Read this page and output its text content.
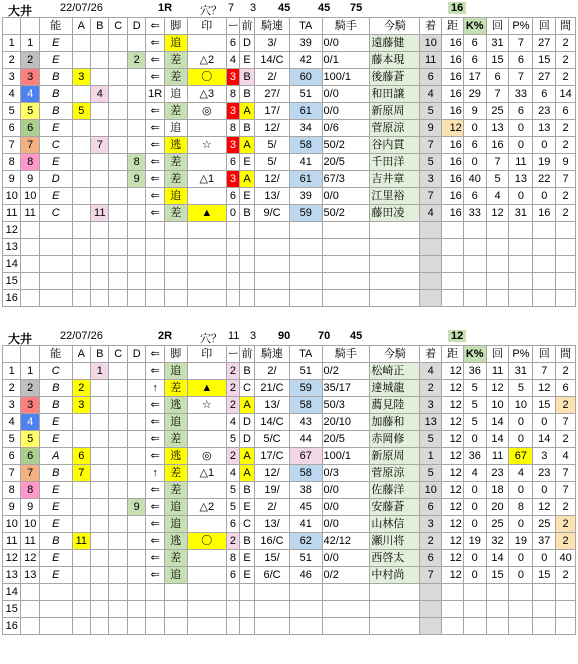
大井	22/07/26	1R	穴？ 7 3 45	45 75	16
		能	A	B	C	D	⇐	脚	印	ー	前	騎連	TA	騎手	今騎	着	距	K%	回	P%	回	間
1	1	E					⇐	追		6	D	3/	39	0/0	遠藤健	10	16	6	31	7	27	2
2	2	E				2	⇐	差	△2	4	E	14/C	42	0/1	藤本現	11	16	6	15	6	15	2
3	3	B	3				⇐	差	〇	3	B	2/	60	100/1	後藤蒼	6	16	17	6	7	27	2
4	4	B		4			1R	追	△3	8	B	27/	51	0/0	和田譲	4	16	29	7	33	6	14
5	5	B	5				⇐	差	◎	3	A	17/	61	0/0	新原周	5	16	9	25	6	23	6
6	6	E					⇐	追		8	B	12/	34	0/6	菅原涼	9	12	0	13	0	13	2
7	7	C		7			⇐	逃	☆	3	A	5/	58	50/2	谷内貫	7	16	6	16	0	0	2
8	8	E				8	⇐	差		6	E	5/	41	20/5	千田洋	5	16	0	7	11	19	9
9	9	D				9	⇐	差	△1	3	A	12/	61	67/3	吉井章	3	16	40	5	13	22	7
10	10	E					⇐	追		6	E	13/	39	0/0	江里裕	7	16	6	4	0	0	2
11	11	C		11			⇐	差	▲	0	B	9/C	59	50/2	藤田凌	4	16	33	12	31	16	2
12																						
13																						
14																						
15																						
16																						
大井	22/07/26	2R	穴？ 11 3 90	70 45	12
		能	A	B	C	D	⇐	脚	印	ー	前	騎連	TA	騎手	今騎	着	距	K%	回	P%	回	間
1	1	C		1			⇐	追		2	B	2/	51	0/2	松崎正	4	12	36	11	31	7	2
2	2	B	2				↑	差	▲	2	C	21/C	59	35/17	達城龍	2	12	5	12	5	12	6
3	3	B	3				⇐	逃	☆	2	A	13/	58	50/3	薦見陸	3	12	5	10	10	15	2
4	4	E					⇐	追		4	D	14/C	43	20/10	加藤和	13	12	5	14	0	0	7
5	5	E					⇐	差		5	D	5/C	44	20/5	赤岡修	5	12	0	14	0	14	2
6	6	A	6				⇐	逃	◎	2	A	17/C	67	100/1	新原周	1	12	36	11	67	3	4
7	7	B	7				↑	差	△1	4	A	12/	58	0/3	菅原涼	5	12	4	23	4	23	7
8	8	E					⇐	差		5	B	19/	38	0/0	佐藤洋	10	12	0	18	0	0	7
9	9	E				9	⇐	追	△2	5	E	2/	45	0/0	安藤蒼	6	12	0	20	8	12	2
10	10	E					⇐	追		6	C	13/	41	0/0	山林信	3	12	0	25	0	25	2
11	11	B	11				⇐	逃	〇	2	B	16/C	62	42/12	瀬川将	2	12	19	32	19	37	2
12	12	E					⇐	差		8	E	15/	51	0/0	西啓太	6	12	0	14	0	0	40
13	13	E					⇐	追		6	E	6/C	46	0/2	中村尚	7	12	0	15	0	15	2
14																						
15																						
16																						
